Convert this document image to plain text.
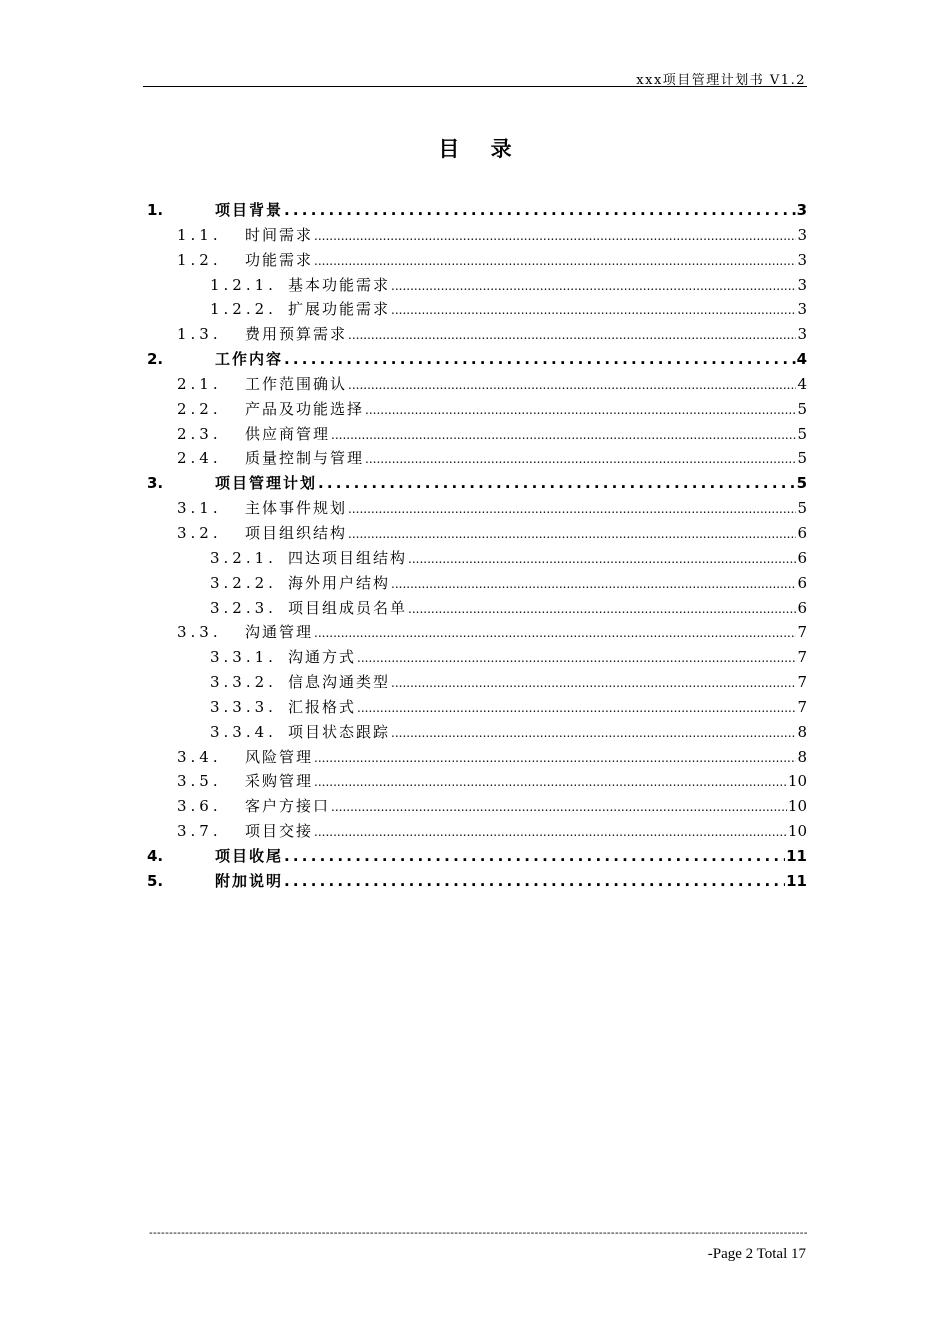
xxx项目管理计划书 V1.2
目 录
1.	项目背景 .....	3
1.1.	时间需求 .....	3
1.2.	功能需求 .....	3
1.2.1. 基本功能需求 .....	3
1.2.2. 扩展功能需求 .....	3
1.3.	费用预算需求 .....	3
2.	工作内容 .....	4
2.1.	工作范围确认 .....	4
2.2.	产品及功能选择 .....	5
2.3.	供应商管理 .....	5
2.4.	质量控制与管理 .....	5
3.	项目管理计划 .....	5
3.1.	主体事件规划 .....	5
3.2.	项目组织结构 .....	6
3.2.1. 四达项目组结构 .....	6
3.2.2. 海外用户结构 .....	6
3.2.3. 项目组成员名单 .....	6
3.3.	沟通管理 .....	7
3.3.1. 沟通方式 .....	7
3.3.2. 信息沟通类型 .....	7
3.3.3. 汇报格式 .....	7
3.3.4. 项目状态跟踪 .....	8
3.4.	风险管理 .....	8
3.5.	采购管理 .....	10
3.6.	客户方接口 .....	10
3.7.	项目交接 .....	10
4.	项目收尾 .....	11
5.	附加说明 .....	11
-----
-Page 2 Total 17
